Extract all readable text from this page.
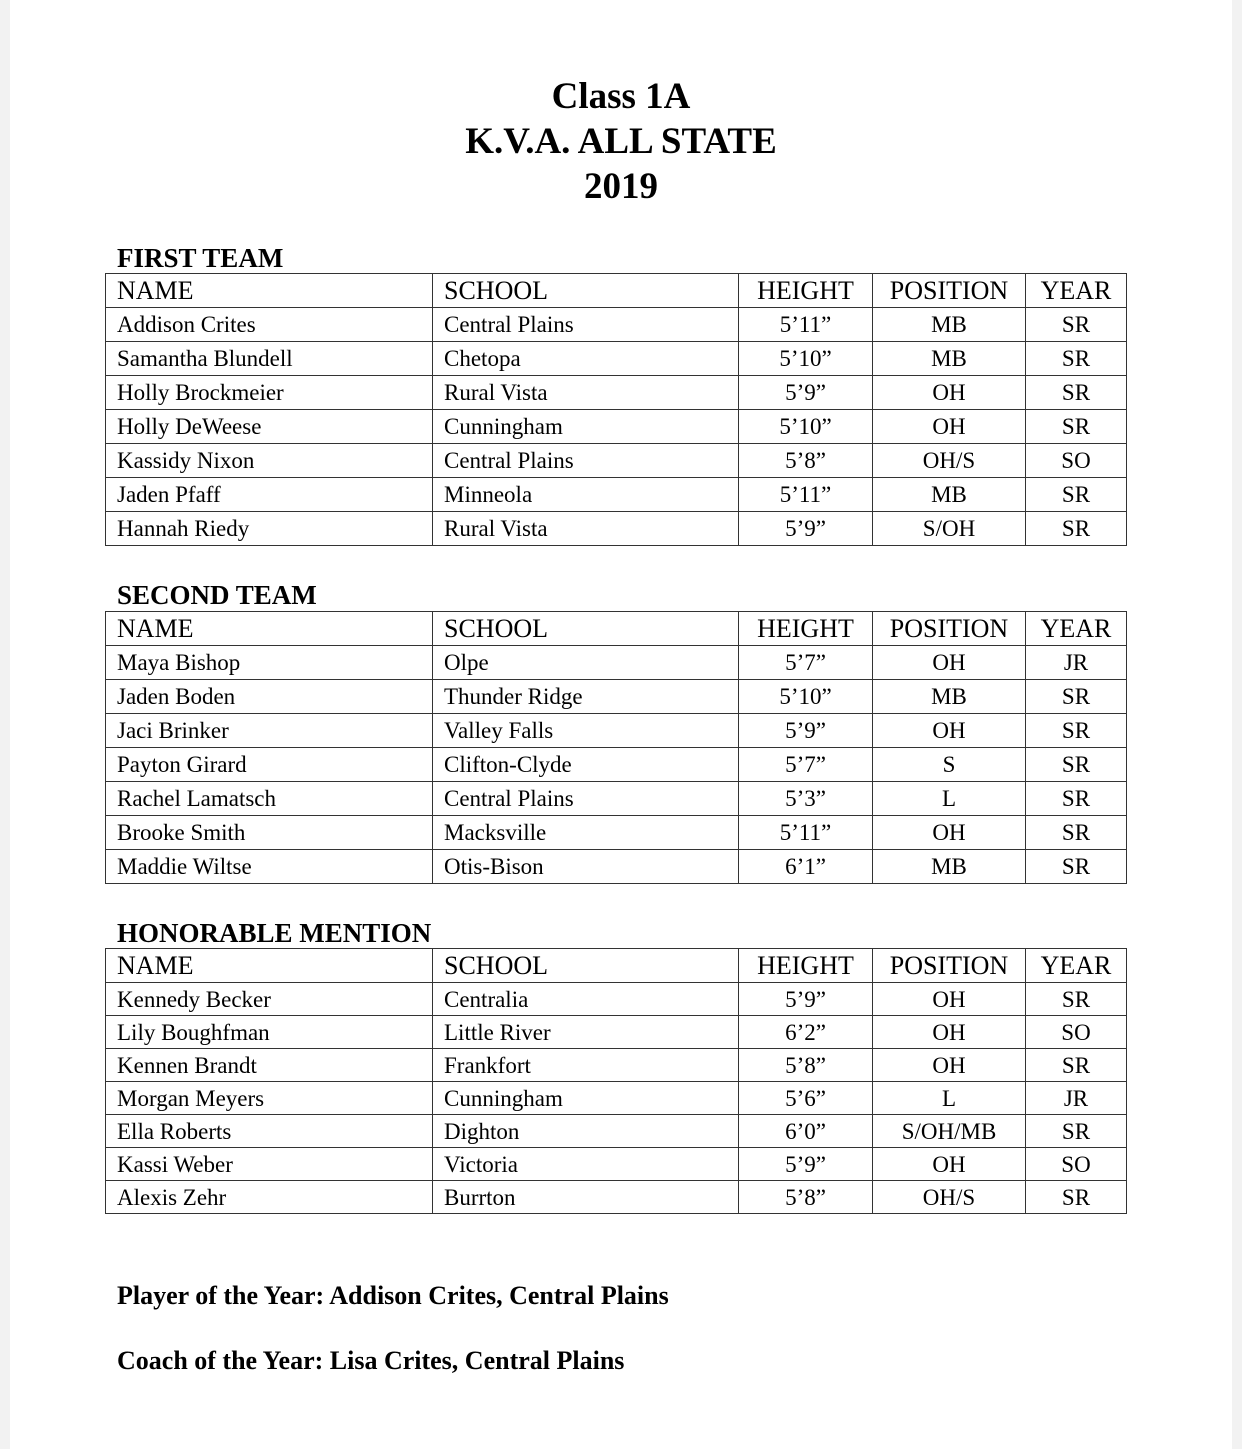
Class 1A
K.V.A. ALL STATE
2019
FIRST TEAM
NAME	SCHOOL	HEIGHT	POSITION	YEAR
Addison Crites	Central Plains	5’11”	MB	SR
Samantha Blundell	Chetopa	5’10”	MB	SR
Holly Brockmeier	Rural Vista	5’9”	OH	SR
Holly DeWeese	Cunningham	5’10”	OH	SR
Kassidy Nixon	Central Plains	5’8”	OH/S	SO
Jaden Pfaff	Minneola	5’11”	MB	SR
Hannah Riedy	Rural Vista	5’9”	S/OH	SR
SECOND TEAM
NAME	SCHOOL	HEIGHT	POSITION	YEAR
Maya Bishop	Olpe	5’7”	OH	JR
Jaden Boden	Thunder Ridge	5’10”	MB	SR
Jaci Brinker	Valley Falls	5’9”	OH	SR
Payton Girard	Clifton-Clyde	5’7”	S	SR
Rachel Lamatsch	Central Plains	5’3”	L	SR
Brooke Smith	Macksville	5’11”	OH	SR
Maddie Wiltse	Otis-Bison	6’1”	MB	SR
HONORABLE MENTION
NAME	SCHOOL	HEIGHT	POSITION	YEAR
Kennedy Becker	Centralia	5’9”	OH	SR
Lily Boughfman	Little River	6’2”	OH	SO
Kennen Brandt	Frankfort	5’8”	OH	SR
Morgan Meyers	Cunningham	5’6”	L	JR
Ella Roberts	Dighton	6’0”	S/OH/MB	SR
Kassi Weber	Victoria	5’9”	OH	SO
Alexis Zehr	Burrton	5’8”	OH/S	SR
Player of the Year: Addison Crites, Central Plains
Coach of the Year: Lisa Crites, Central Plains
